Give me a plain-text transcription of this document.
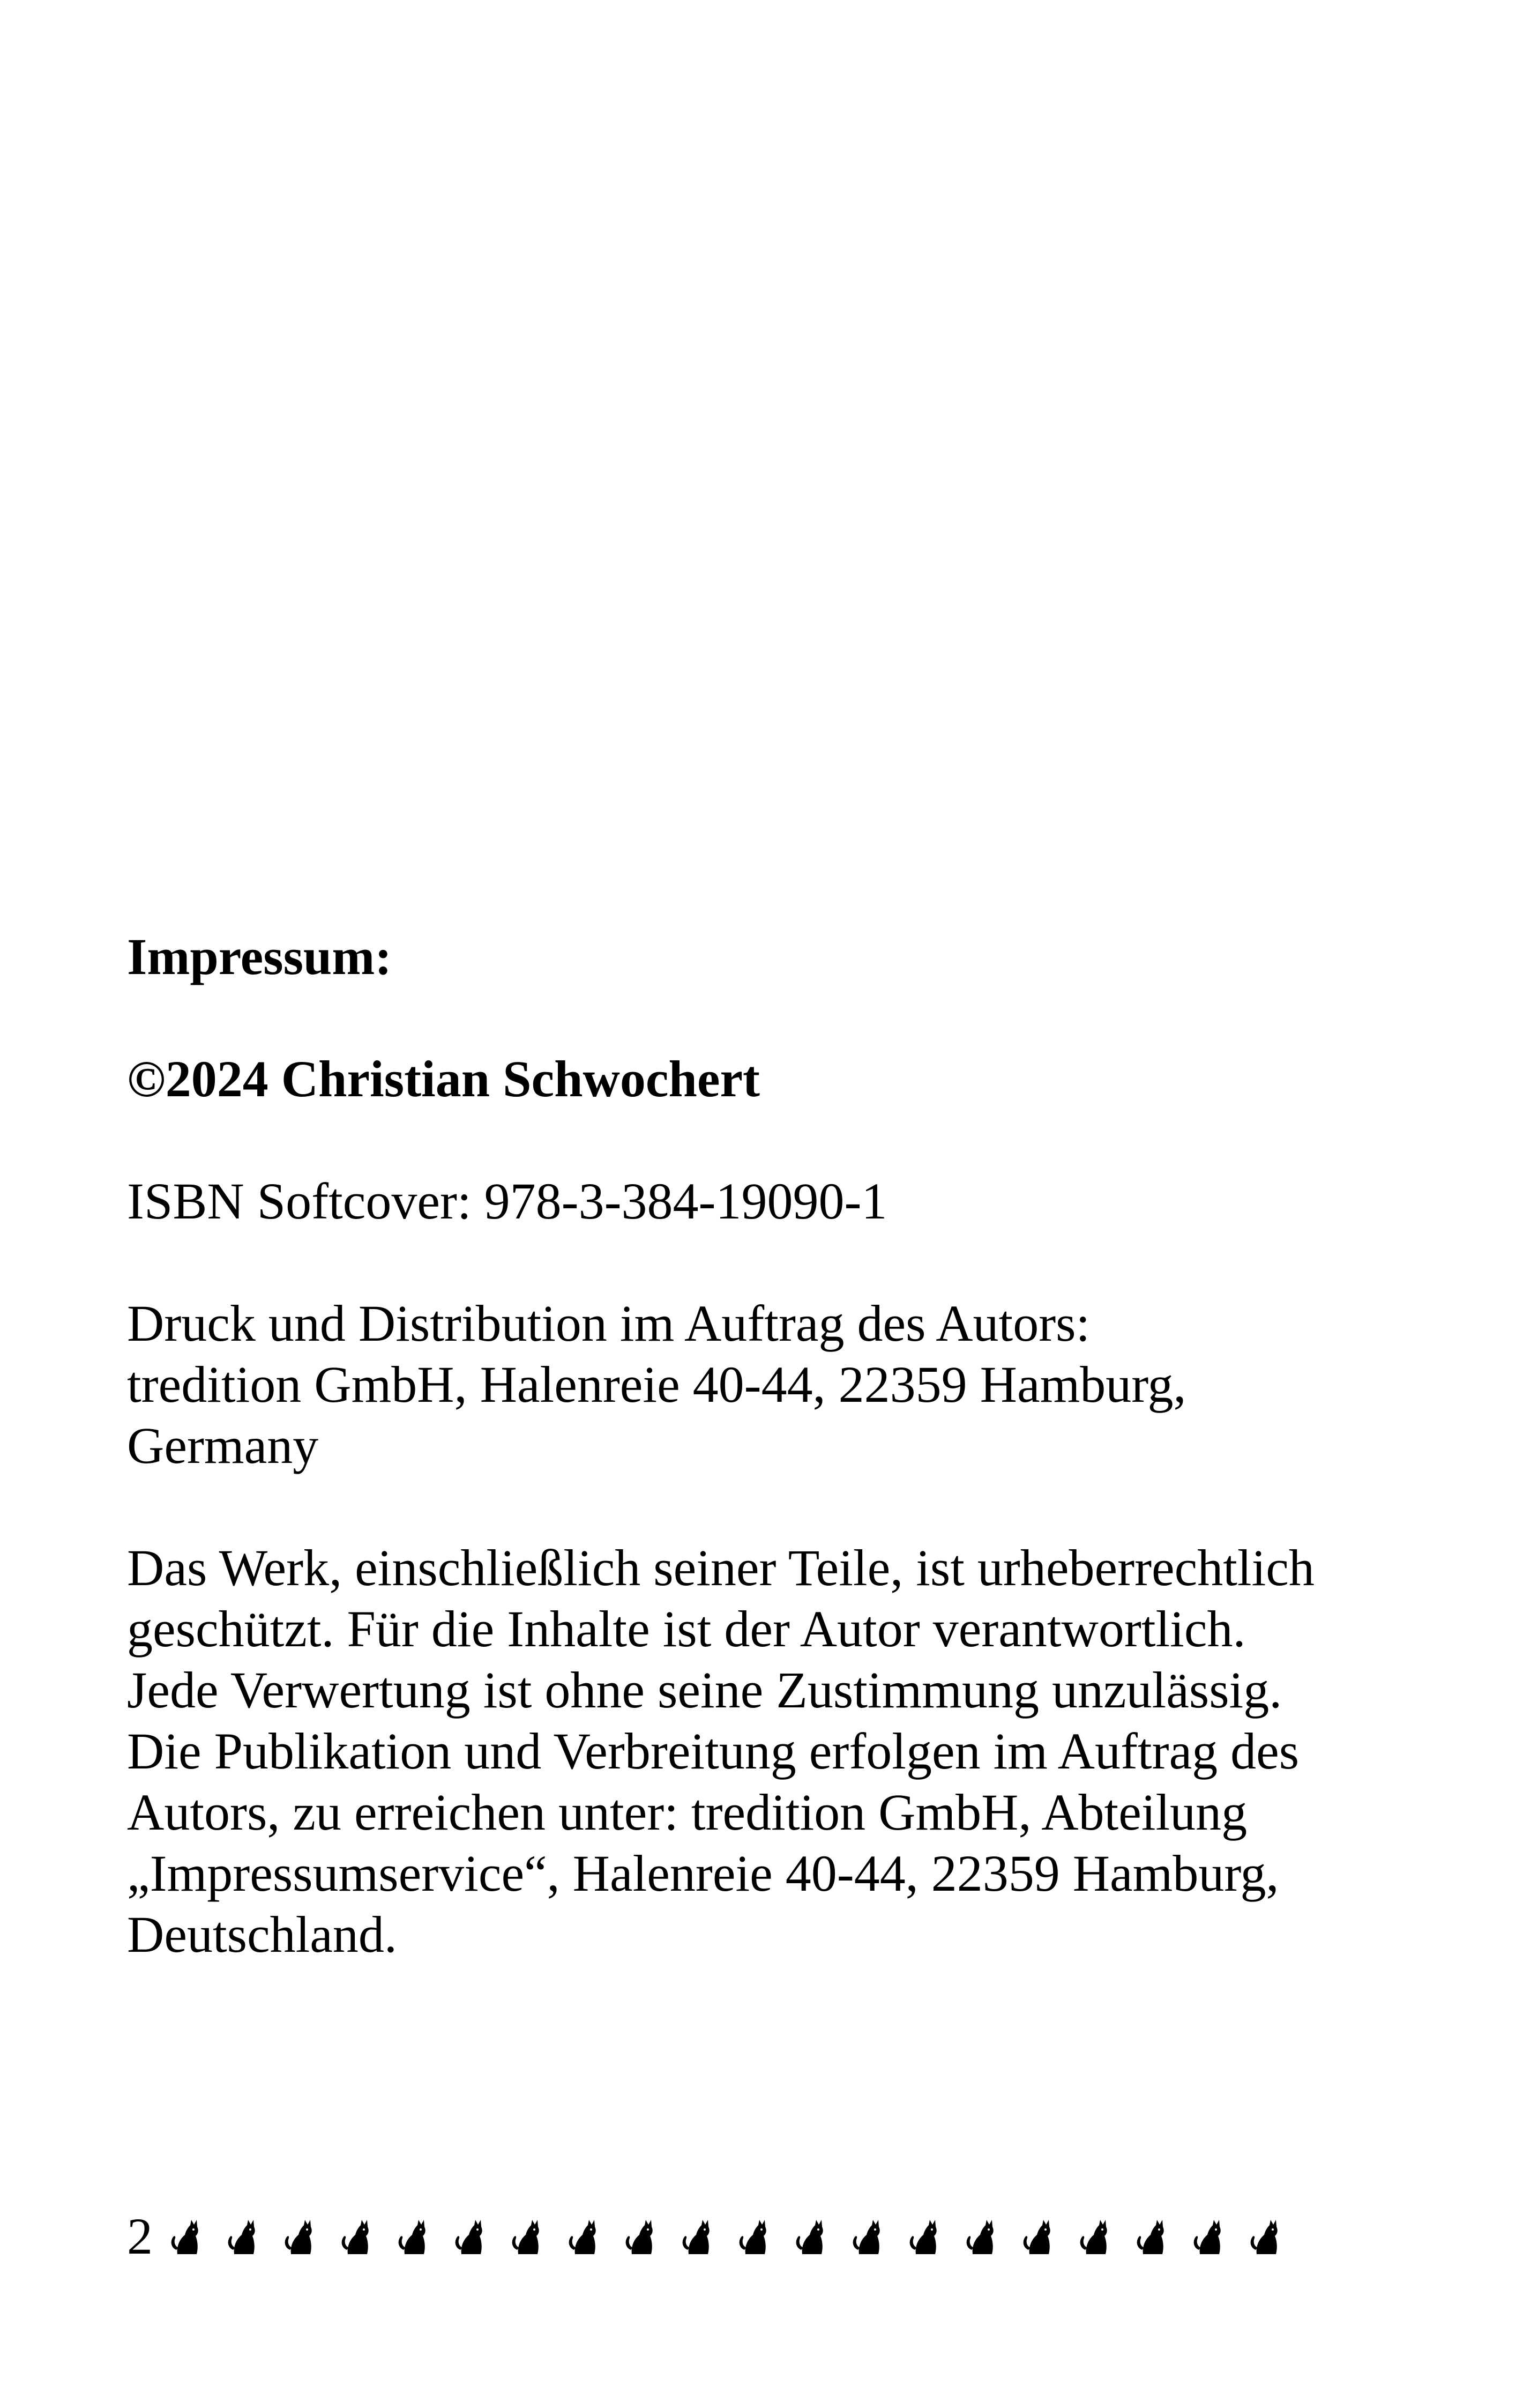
Impressum:

©2024 Christian Schwochert

ISBN Softcover: 978-3-384-19090-1

Druck und Distribution im Auftrag des Autors:
tredition GmbH, Halenreie 40-44, 22359 Hamburg,
Germany
Das Werk, einschließlich seiner Teile, ist urheberrechtlich
geschützt. Für die Inhalte ist der Autor verantwortlich.
Jede Verwertung ist ohne seine Zustimmung unzulässig.
Die Publikation und Verbreitung erfolgen im Auftrag des
Autors, zu erreichen unter: tredition GmbH, Abteilung
„Impressumservice“, Halenreie 40-44, 22359 Hamburg,
Deutschland.
2
